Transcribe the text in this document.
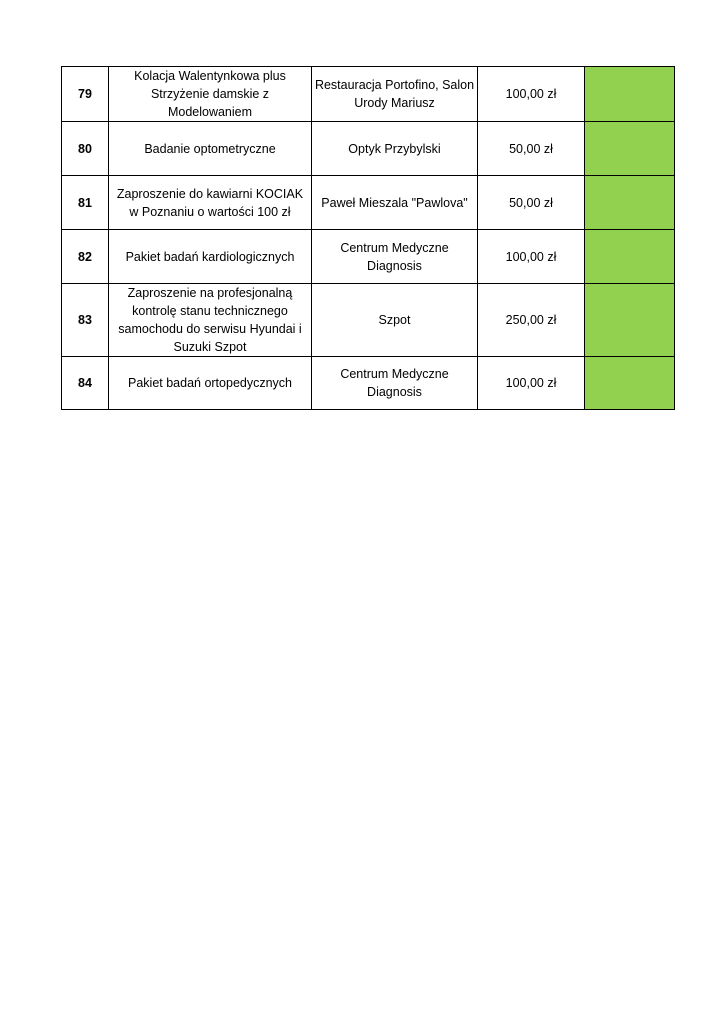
79	Kolacja Walentynkowa plus Strzyżenie damskie z Modelowaniem	Restauracja Portofino, Salon Urody Mariusz	100,00 zł	
80	Badanie optometryczne	Optyk Przybylski	50,00 zł	
81	Zaproszenie do kawiarni KOCIAK w Poznaniu o wartości 100 zł	Paweł Mieszala "Pawlova"	50,00 zł	
82	Pakiet badań kardiologicznych	Centrum Medyczne Diagnosis	100,00 zł	
83	Zaproszenie na profesjonalną kontrolę stanu technicznego samochodu do serwisu Hyundai i Suzuki Szpot	Szpot	250,00 zł	
84	Pakiet badań ortopedycznych	Centrum Medyczne Diagnosis	100,00 zł	
